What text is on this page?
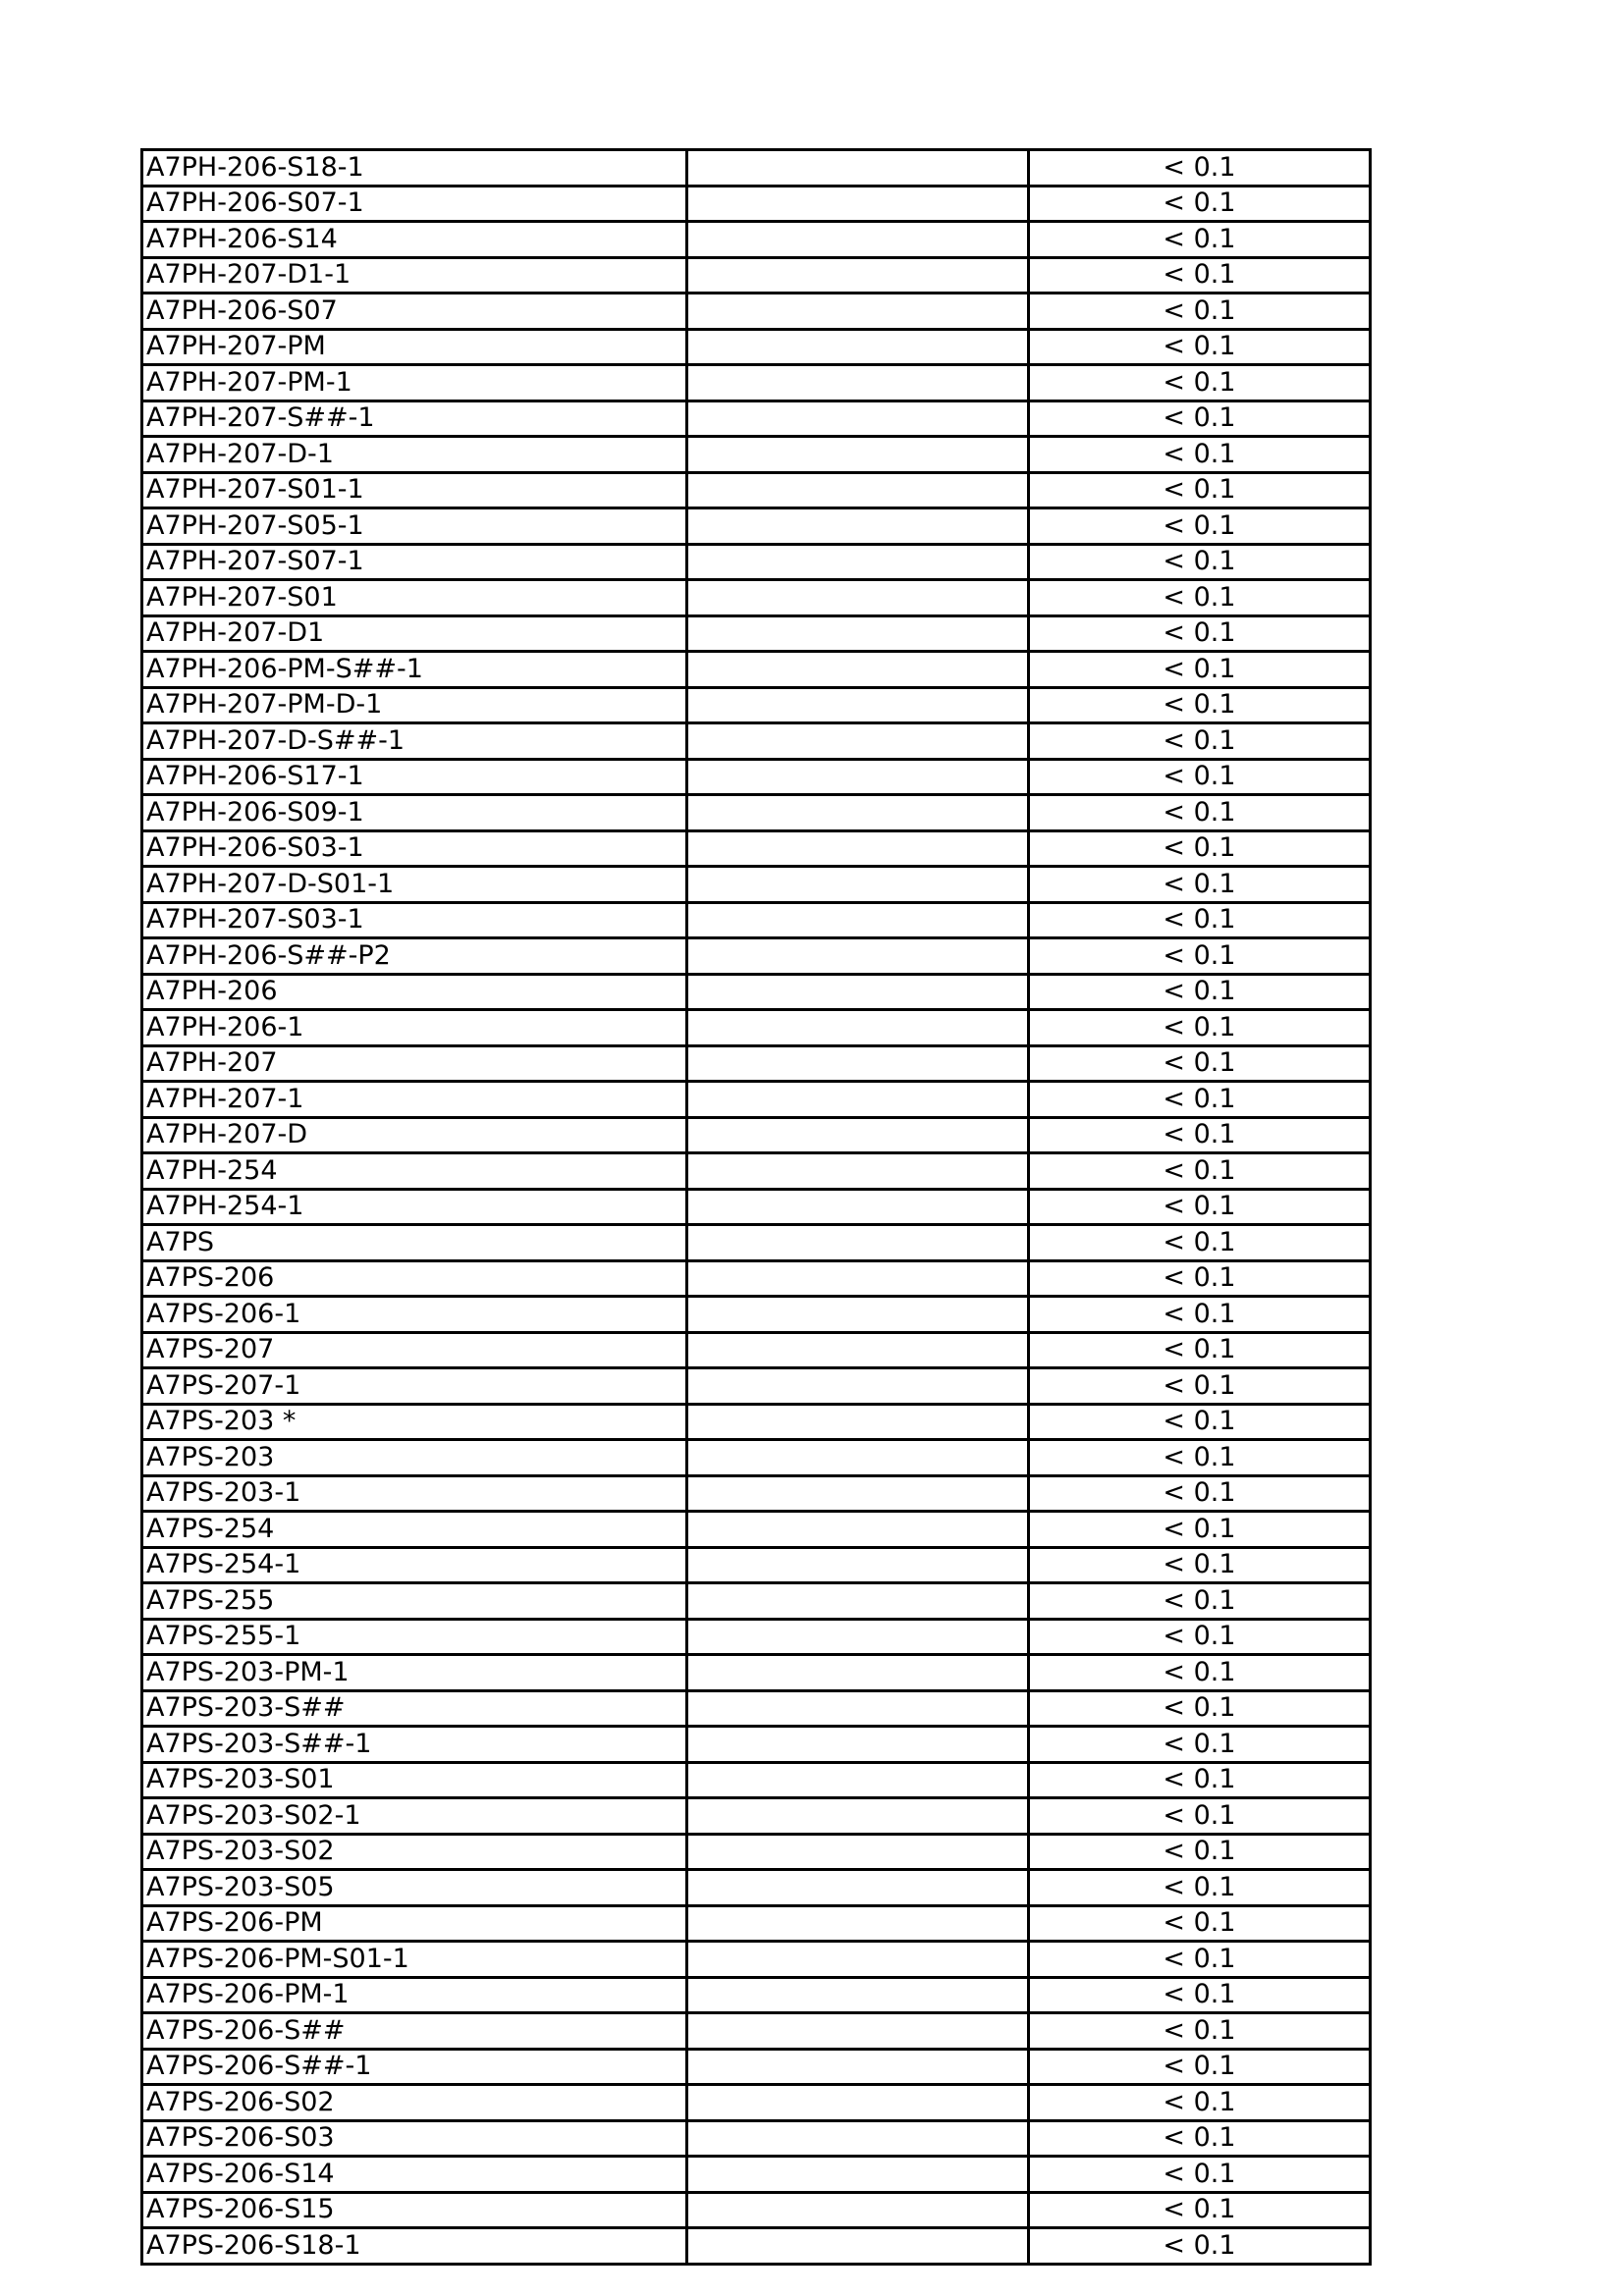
A7PH-206-S18-1		< 0.1
A7PH-206-S07-1		< 0.1
A7PH-206-S14		< 0.1
A7PH-207-D1-1		< 0.1
A7PH-206-S07		< 0.1
A7PH-207-PM		< 0.1
A7PH-207-PM-1		< 0.1
A7PH-207-S##-1		< 0.1
A7PH-207-D-1		< 0.1
A7PH-207-S01-1		< 0.1
A7PH-207-S05-1		< 0.1
A7PH-207-S07-1		< 0.1
A7PH-207-S01		< 0.1
A7PH-207-D1		< 0.1
A7PH-206-PM-S##-1		< 0.1
A7PH-207-PM-D-1		< 0.1
A7PH-207-D-S##-1		< 0.1
A7PH-206-S17-1		< 0.1
A7PH-206-S09-1		< 0.1
A7PH-206-S03-1		< 0.1
A7PH-207-D-S01-1		< 0.1
A7PH-207-S03-1		< 0.1
A7PH-206-S##-P2		< 0.1
A7PH-206		< 0.1
A7PH-206-1		< 0.1
A7PH-207		< 0.1
A7PH-207-1		< 0.1
A7PH-207-D		< 0.1
A7PH-254		< 0.1
A7PH-254-1		< 0.1
A7PS		< 0.1
A7PS-206		< 0.1
A7PS-206-1		< 0.1
A7PS-207		< 0.1
A7PS-207-1		< 0.1
A7PS-203 *		< 0.1
A7PS-203		< 0.1
A7PS-203-1		< 0.1
A7PS-254		< 0.1
A7PS-254-1		< 0.1
A7PS-255		< 0.1
A7PS-255-1		< 0.1
A7PS-203-PM-1		< 0.1
A7PS-203-S##		< 0.1
A7PS-203-S##-1		< 0.1
A7PS-203-S01		< 0.1
A7PS-203-S02-1		< 0.1
A7PS-203-S02		< 0.1
A7PS-203-S05		< 0.1
A7PS-206-PM		< 0.1
A7PS-206-PM-S01-1		< 0.1
A7PS-206-PM-1		< 0.1
A7PS-206-S##		< 0.1
A7PS-206-S##-1		< 0.1
A7PS-206-S02		< 0.1
A7PS-206-S03		< 0.1
A7PS-206-S14		< 0.1
A7PS-206-S15		< 0.1
A7PS-206-S18-1		< 0.1
